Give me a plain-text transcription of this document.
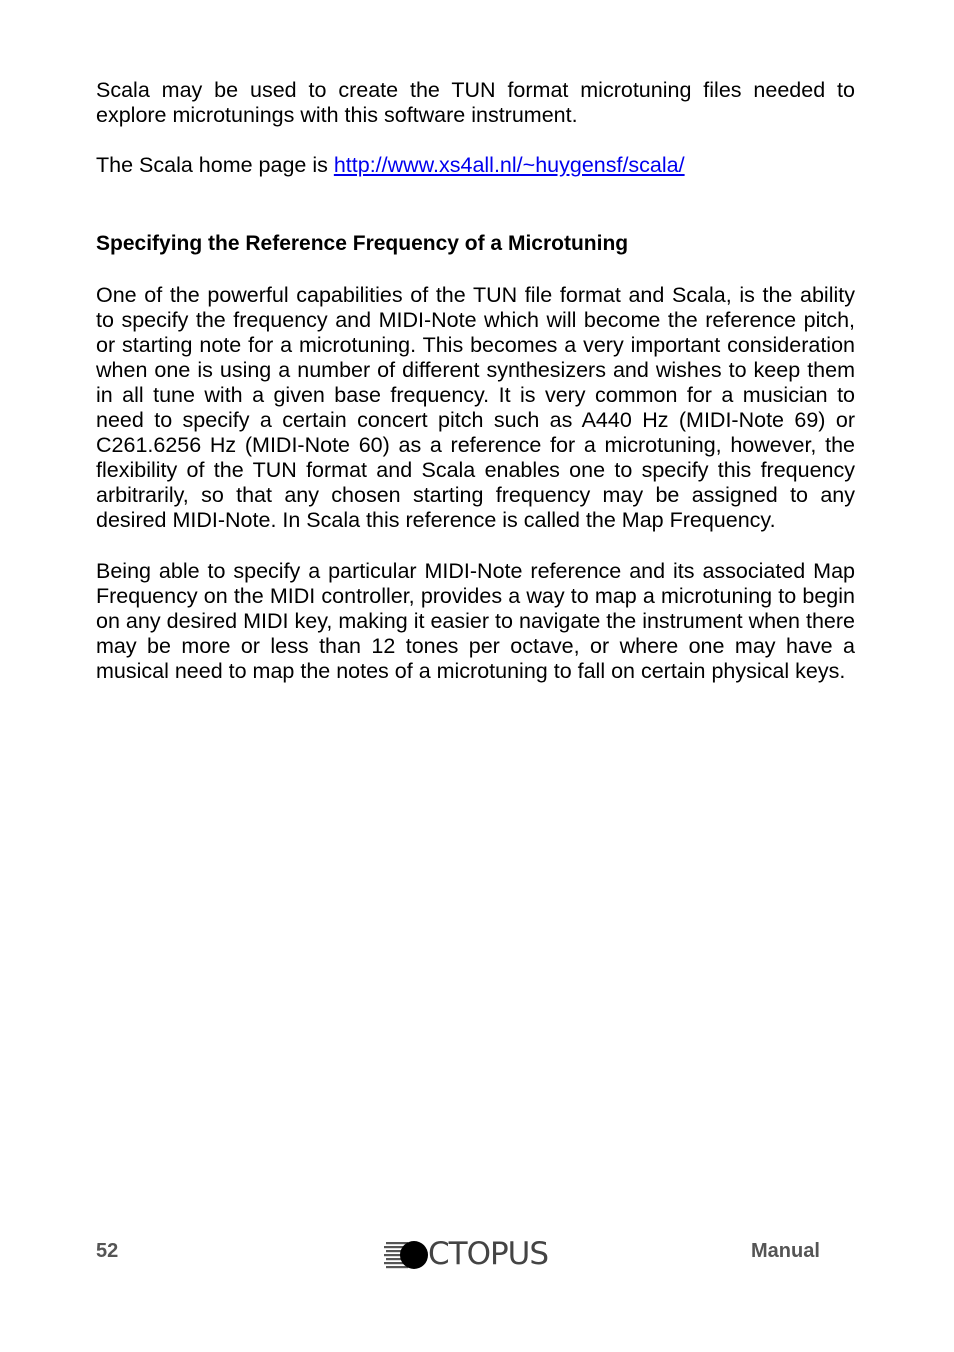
Scala may be used to create the TUN format microtuning files needed to explore microtunings with this software instrument.

The Scala home page is http://www.xs4all.nl/~huygensf/scala/

Specifying the Reference Frequency of a Microtuning

One of the powerful capabilities of the TUN file format and Scala, is the ability to specify the frequency and MIDI-Note which will become the reference pitch, or starting note for a microtuning. This becomes a very important consideration when one is using a number of different synthesizers and wishes to keep them in all tune with a given base frequency. It is very common for a musician to need to specify a certain concert pitch such as A440 Hz (MIDI-Note 69) or C261.6256 Hz (MIDI-Note 60) as a reference for a microtuning, however, the flexibility of the TUN format and Scala enables one to specify this frequency arbitrarily, so that any chosen starting frequency may be assigned to any desired MIDI-Note. In Scala this reference is called the Map Frequency.

Being able to specify a particular MIDI-Note reference and its associated Map Frequency on the MIDI controller, provides a way to map a microtuning to begin on any desired MIDI key, making it easier to navigate the instrument when there may be more or less than 12 tones per octave, or where one may have a musical need to map the notes of a microtuning to fall on certain physical keys.

52	CTOPUS	Manual
